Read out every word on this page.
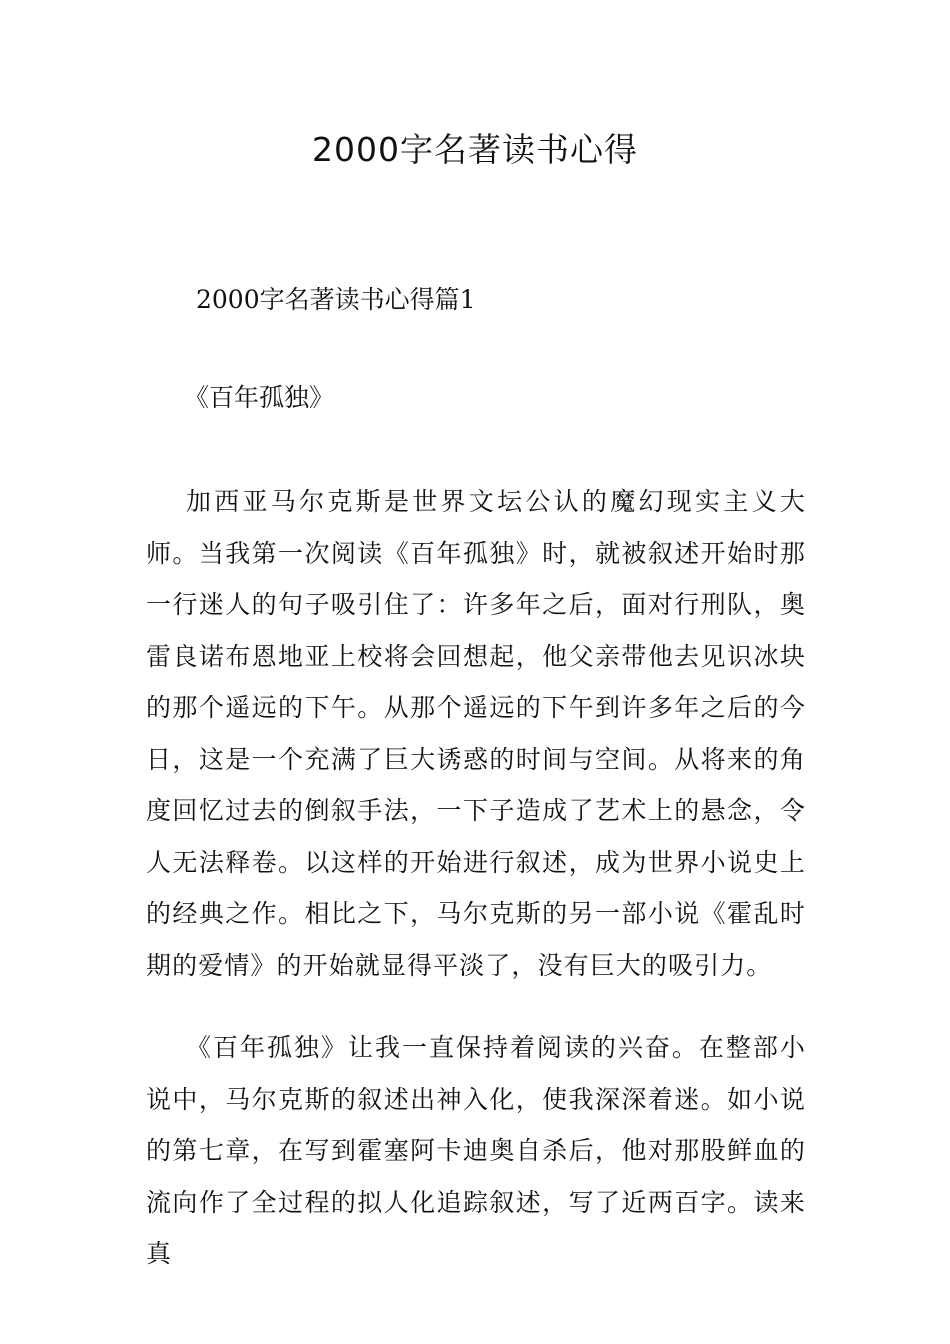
2000字名著读书心得

2000字名著读书心得篇1

《百年孤独》

加西亚马尔克斯是世界文坛公认的魔幻现实主义大师。当我第一次阅读《百年孤独》时，就被叙述开始时那一行迷人的句子吸引住了：许多年之后，面对行刑队，奥雷良诺布恩地亚上校将会回想起，他父亲带他去见识冰块的那个遥远的下午。从那个遥远的下午到许多年之后的今日，这是一个充满了巨大诱惑的时间与空间。从将来的角度回忆过去的倒叙手法，一下子造成了艺术上的悬念，令人无法释卷。以这样的开始进行叙述，成为世界小说史上的经典之作。相比之下，马尔克斯的另一部小说《霍乱时期的爱情》的开始就显得平淡了，没有巨大的吸引力。

《百年孤独》让我一直保持着阅读的兴奋。在整部小说中，马尔克斯的叙述出神入化，使我深深着迷。如小说的第七章，在写到霍塞阿卡迪奥自杀后，他对那股鲜血的流向作了全过程的拟人化追踪叙述，写了近两百字。读来真
